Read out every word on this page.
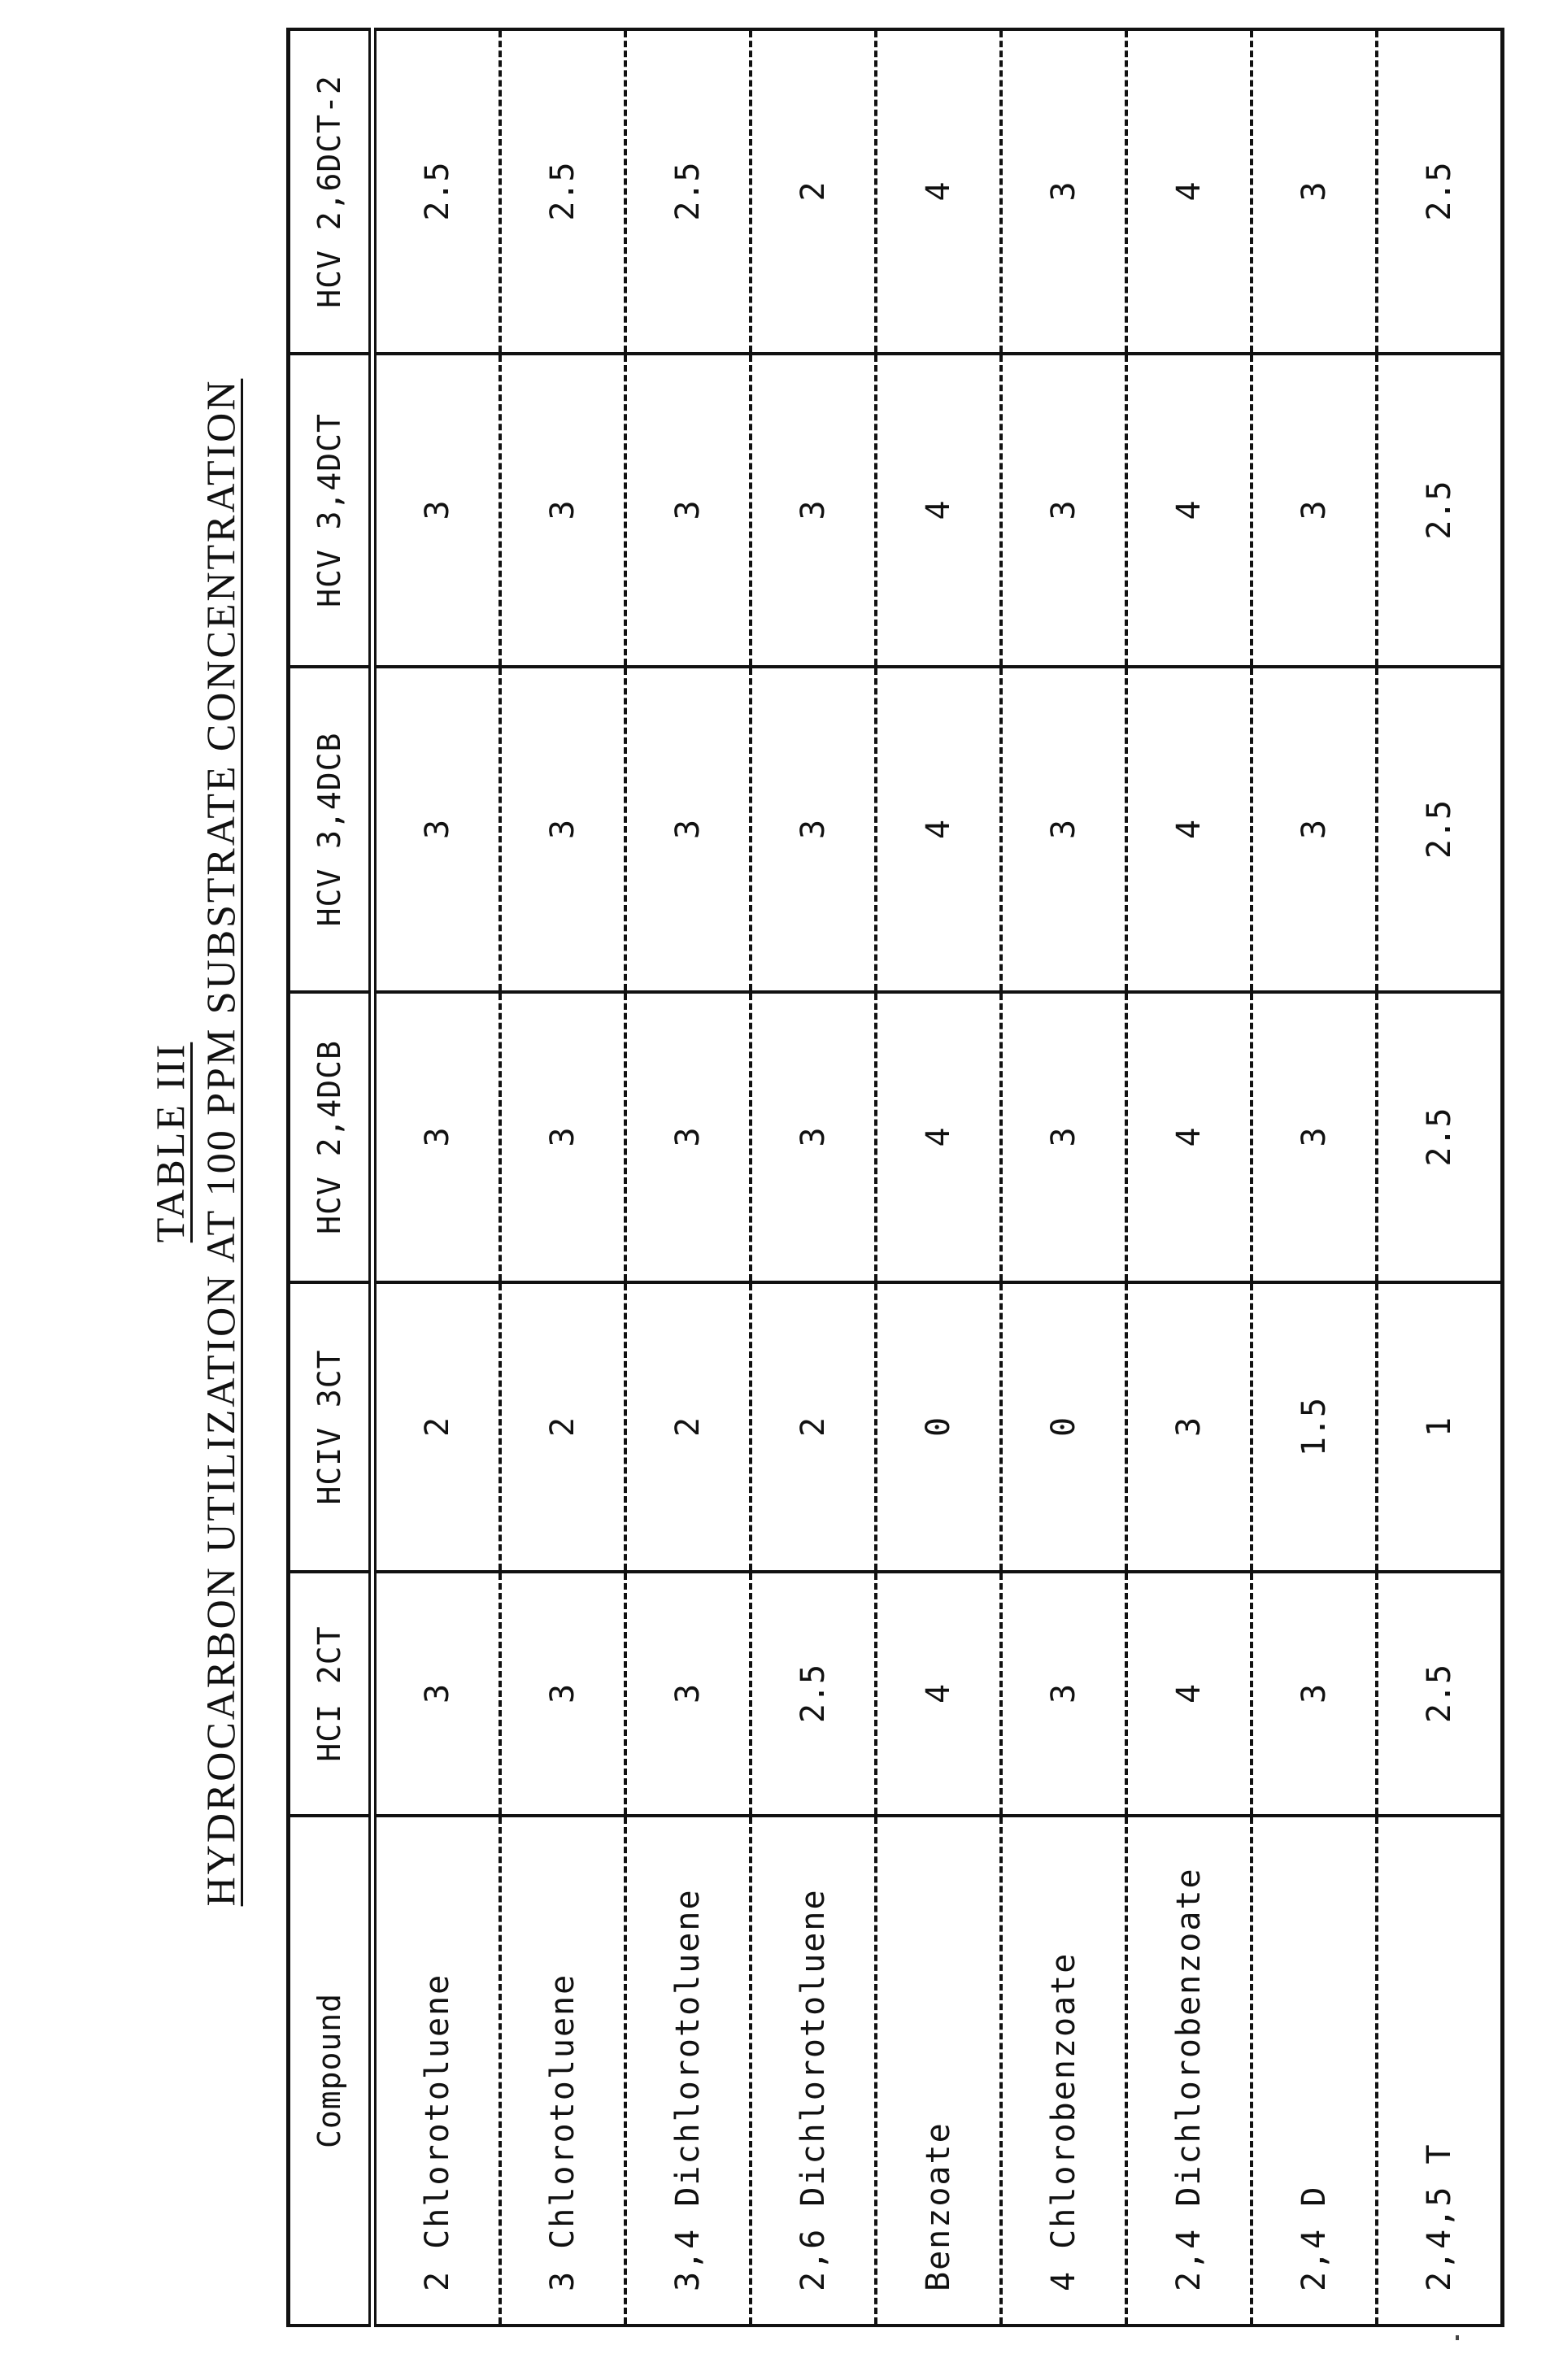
TABLE III HYDROCARBON UTILIZATION AT 100 PPM SUBSTRATE CONCENTRATION
Compound	HCI 2CT	HCIV 3CT	HCV 2,4DCB	HCV 3,4DCB	HCV 3,4DCT	HCV 2,6DCT-2
2 Chlorotoluene	3	2	3	3	3	2.5
3 Chlorotoluene	3	2	3	3	3	2.5
3,4 Dichlorotoluene	3	2	3	3	3	2.5
2,6 Dichlorotoluene	2.5	2	3	3	3	2
Benzoate	4	0	4	4	4	4
4 Chlorobenzoate	3	0	3	3	3	3
2,4 Dichlorobenzoate	4	3	4	4	4	4
2,4 D	3	1.5	3	3	3	3
2,4,5 T	2.5	1	2.5	2.5	2.5	2.5
